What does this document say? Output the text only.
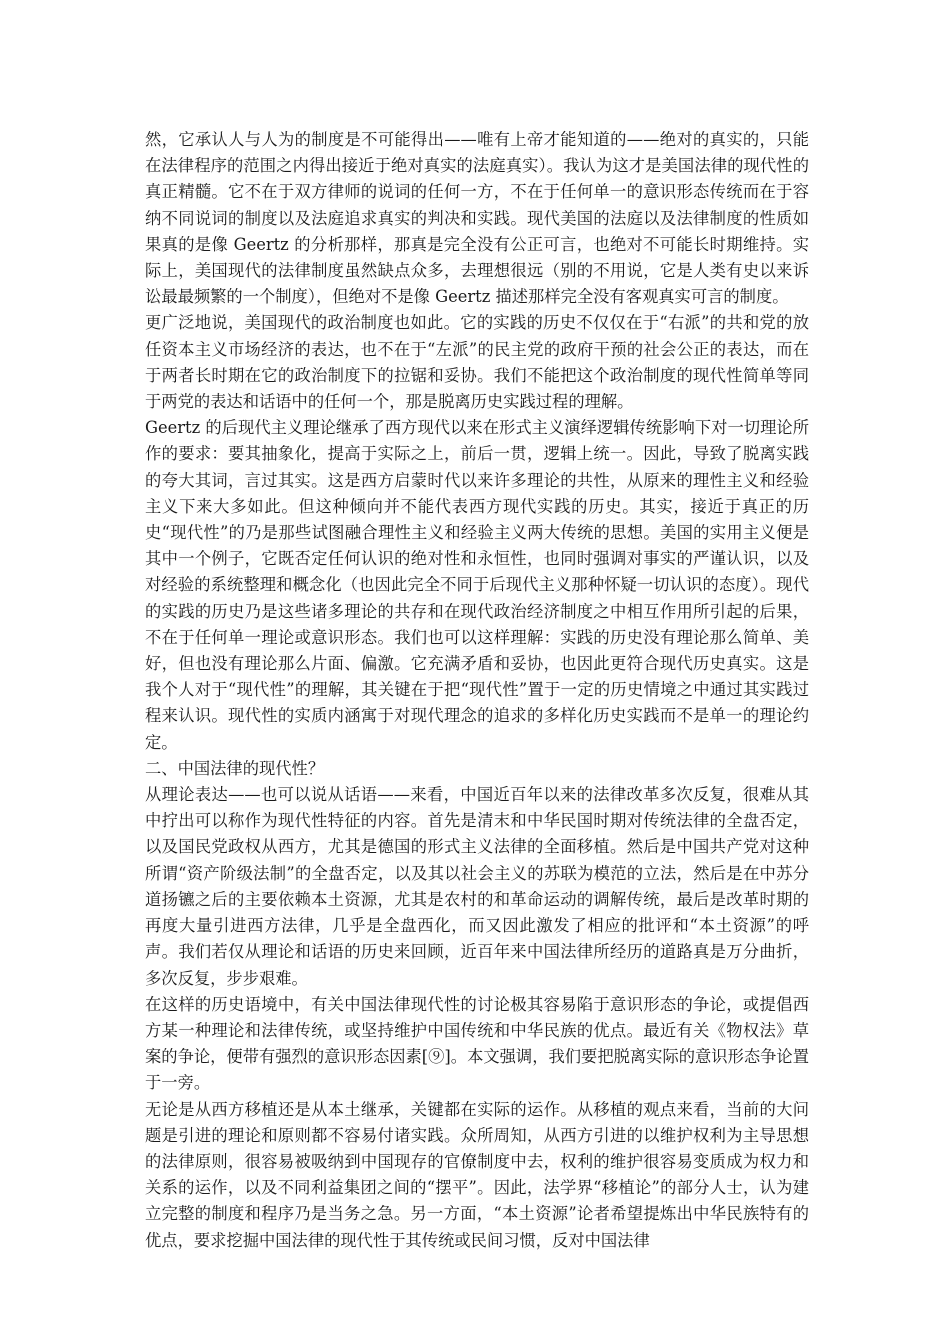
然，它承认人与人为的制度是不可能得出——唯有上帝才能知道的——绝对的真实的，只能在法律程序的范围之内得出接近于绝对真实的法庭真实）。我认为这才是美国法律的现代性的真正精髓。它不在于双方律师的说词的任何一方，不在于任何单一的意识形态传统而在于容纳不同说词的制度以及法庭追求真实的判决和实践。现代美国的法庭以及法律制度的性质如果真的是像 Geertz 的分析那样，那真是完全没有公正可言，也绝对不可能长时期维持。实际上，美国现代的法律制度虽然缺点众多，去理想很远（别的不用说，它是人类有史以来诉讼最最频繁的一个制度），但绝对不是像 Geertz 描述那样完全没有客观真实可言的制度。

更广泛地说，美国现代的政治制度也如此。它的实践的历史不仅仅在于“右派”的共和党的放任资本主义市场经济的表达，也不在于“左派”的民主党的政府干预的社会公正的表达，而在于两者长时期在它的政治制度下的拉锯和妥协。我们不能把这个政治制度的现代性简单等同于两党的表达和话语中的任何一个，那是脱离历史实践过程的理解。

Geertz 的后现代主义理论继承了西方现代以来在形式主义演绎逻辑传统影响下对一切理论所作的要求：要其抽象化，提高于实际之上，前后一贯，逻辑上统一。因此，导致了脱离实践的夸大其词，言过其实。这是西方启蒙时代以来许多理论的共性，从原来的理性主义和经验主义下来大多如此。但这种倾向并不能代表西方现代实践的历史。其实，接近于真正的历史“现代性”的乃是那些试图融合理性主义和经验主义两大传统的思想。美国的实用主义便是其中一个例子，它既否定任何认识的绝对性和永恒性，也同时强调对事实的严谨认识，以及对经验的系统整理和概念化（也因此完全不同于后现代主义那种怀疑一切认识的态度）。现代的实践的历史乃是这些诸多理论的共存和在现代政治经济制度之中相互作用所引起的后果，不在于任何单一理论或意识形态。我们也可以这样理解：实践的历史没有理论那么简单、美好，但也没有理论那么片面、偏激。它充满矛盾和妥协，也因此更符合现代历史真实。这是我个人对于“现代性”的理解，其关键在于把“现代性”置于一定的历史情境之中通过其实践过程来认识。现代性的实质内涵寓于对现代理念的追求的多样化历史实践而不是单一的理论约定。

二、中国法律的现代性？

从理论表达——也可以说从话语——来看，中国近百年以来的法律改革多次反复，很难从其中拧出可以称作为现代性特征的内容。首先是清末和中华民国时期对传统法律的全盘否定，以及国民党政权从西方，尤其是德国的形式主义法律的全面移植。然后是中国共产党对这种所谓“资产阶级法制”的全盘否定，以及其以社会主义的苏联为模范的立法，然后是在中苏分道扬镳之后的主要依赖本土资源，尤其是农村的和革命运动的调解传统，最后是改革时期的再度大量引进西方法律，几乎是全盘西化，而又因此激发了相应的批评和“本土资源”的呼声。我们若仅从理论和话语的历史来回顾，近百年来中国法律所经历的道路真是万分曲折，多次反复，步步艰难。

在这样的历史语境中，有关中国法律现代性的讨论极其容易陷于意识形态的争论，或提倡西方某一种理论和法律传统，或坚持维护中国传统和中华民族的优点。最近有关《物权法》草案的争论，便带有强烈的意识形态因素[⑨]。本文强调，我们要把脱离实际的意识形态争论置于一旁。

无论是从西方移植还是从本土继承，关键都在实际的运作。从移植的观点来看，当前的大问题是引进的理论和原则都不容易付诸实践。众所周知，从西方引进的以维护权利为主导思想的法律原则，很容易被吸纳到中国现存的官僚制度中去，权利的维护很容易变质成为权力和关系的运作，以及不同利益集团之间的“摆平”。因此，法学界“移植论”的部分人士，认为建立完整的制度和程序乃是当务之急。另一方面，“本土资源”论者希望提炼出中华民族特有的优点，要求挖掘中国法律的现代性于其传统或民间习惯，反对中国法律
